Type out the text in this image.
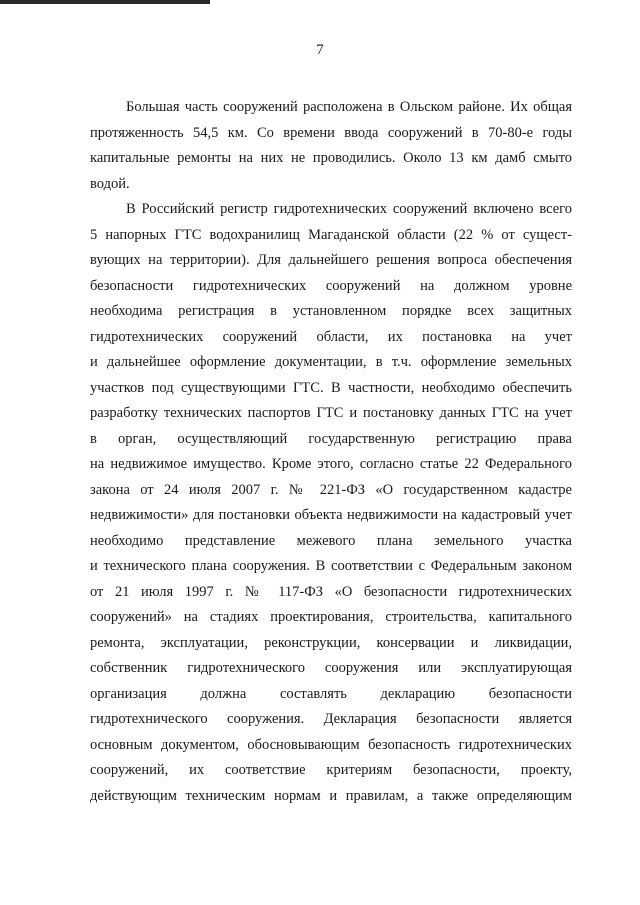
7
Большая часть сооружений расположена в Ольском районе. Их общая
протяженность 54,5 км. Со времени ввода сооружений в 70-80-е годы
капитальные ремонты на них не проводились. Около 13 км дамб смыто
водой.
В Российский регистр гидротехнических сооружений включено всего
5 напорных ГТС водохранилищ Магаданской области (22 % от сущест-
вующих на территории). Для дальнейшего решения вопроса обеспечения
безопасности гидротехнических сооружений на должном уровне
необходима регистрация в установленном порядке всех защитных
гидротехнических сооружений области, их постановка на учет
и дальнейшее оформление документации, в т.ч. оформление земельных
участков под существующими ГТС. В частности, необходимо обеспечить
разработку технических паспортов ГТС и постановку данных ГТС на учет
в орган, осуществляющий государственную регистрацию права
на недвижимое имущество. Кроме этого, согласно статье 22 Федерального
закона от 24 июля 2007 г. № 221-ФЗ «О государственном кадастре
недвижимости» для постановки объекта недвижимости на кадастровый учет
необходимо представление межевого плана земельного участка
и технического плана сооружения. В соответствии с Федеральным законом
от 21 июля 1997 г. № 117-ФЗ «О безопасности гидротехнических
сооружений» на стадиях проектирования, строительства, капитального
ремонта, эксплуатации, реконструкции, консервации и ликвидации,
собственник гидротехнического сооружения или эксплуатирующая
организация должна составлять декларацию безопасности
гидротехнического сооружения. Декларация безопасности является
основным документом, обосновывающим безопасность гидротехнических
сооружений, их соответствие критериям безопасности, проекту,
действующим техническим нормам и правилам, а также определяющим
